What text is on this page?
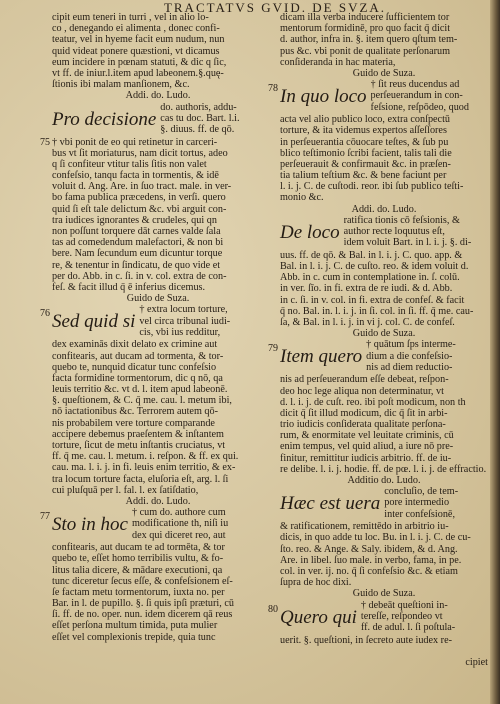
TRACTATVS GVID. DE SVZA.
cipit eum teneri in turri , vel in alio lo-
co , denegando ei alimenta , donec confi-
teatur, vel in hyeme facit eum nudum, nun
quid videat ponere quæstioni, vt dicamus
eum incidere in pœnam statuti, & dic q ſic,
vt ff. de iniur.l.item apud labeonem.§.quę-
ſtionis ibi malam manſionem, &c.
Addi. do. Ludo.
Pro decisione
do. authoris, addu-
cas tu doc. Bart. l.i.
§. diuus. ff. de qō.
75 † vbi ponit de eo qui retinetur in carceri-
bus vt ſit moriaturus, nam dicit tortus, adeo
q ſi confiteur vtitur talis ſitis non valet
confeſsio, tanqu facta in tormentis, & idē
voluit d. Ang. Are. in ſuo tract. male. in ver-
bo fama publica præcedens, in verſi. quero
quid ſi eſt tale delictum &c. vbi arguit con-
tra iudices ignorantes & crudeles, qui qn
non poſſunt torquere dāt carnes valde ſala
tas ad comedendum malefactori, & non bi
bere. Nam ſecundum eum dicuntur torque
re, & tenentur in ſindicatu, de quo vide et
per do. Abb. in c. ſi. in v. col. extra de con-
feſ. & facit illud q̄ ē inferius dicemus.
Guido de Suza.
76 Sed quid si
† extra locum torture,
vel circa tribunal iudi-
cis, vbi ius redditur,
dex examinās dixit delato ex crimine aut
confitearis, aut ducam ad tormenta, & tor-
quebo te, nunquid dicatur tunc confeſsio
facta formidine tormentorum, dic q nō, qa
leuis territio &c. vt d. l. item apud labeonē.
§. queſtionem, & C. q̄ me. cau. l. metum ibi,
nō iactationibus &c. Terrorem autem qō-
nis probabilem vere torture comparande
accipere debemus praeſentem & inſtantem
torture, ſicut de metu inſtantis cruciatus, vt
ff. q̄ me. cau. l. metum. i. reſpon. & ff. ex qui.
cau. ma. l. i. j. in fi. leuis enim territio, & ex-
tra locum torture facta, eluſoria eſt, arg. l. ſi
cui pluſquā per l. fal. l. ex ſatiſdatio,
Addi. do. Ludo.
77 Sto in hoc
† cum do. authore cum
modificatione th, niſi iu
dex qui diceret reo, aut
confitearis, aut ducam te ad tormēta, & tor
quebo te, eſſet homo terribilis vultu, & fo-
litus talia dicere, & mādare executioni, qa
tunc diceretur ſecus eſſe, & confeſsionem eſ-
ſe factam metu tormentorum, iuxta no. per
Bar. in l. de pupillo. §. ſi quis ipſi præturi, cū
ſi. ff. de no. oper. nun. idem dicerem qā reus
eſſet perſona multum timida, puta mulier
eſſet vel complexionis trepide, quia tunc
dicam illa verba inducere ſufficientem tor
mentorum formidinē, pro quo facit q̄ dicit
d. author, infra in. §. item quero qſtum tem-
pus &c. vbi ponit de qualitate perſonarum
conſideranda in hac materia,
Guido de Suza.
78 In quo loco
† ſit reus ducendus ad
perſeuerandum in con-
feſsione, reſpōdeo, quod
acta vel alio publico loco, extra conſpectū
torture, & ita videmus expertos aſſeſſores
in perſeuerantia cōuocare teſtes, & ſub pu
blico teſtimonio ſcribi facient, talis tali die
perſeuerauit & confirmauit &c. in præſen-
tia talium teſtium &c. & bene faciunt per
l. i. j. C. de cuſtodi. reor. ibi ſub publico teſti-
monio &c.
Addi. do. Ludo.
De loco
ratifica tionis cō feſsionis, &
author recte loquutus eſt,
idem voluit Bart. in l. i. j. §. di-
uus. ff. de qō. & Bal. in l. i. j. C. quo. app. &
Bal. in l. i. j. C. de cuſto. reo. & idem voluit d.
Abb. in c. cum in contemplatione in. ſ. colū.
in ver. ſīo. in fi. extra de re iudi. & d. Abb.
in c. ſi. in v. col. in fi. extra de confeſ. & facit
q̄ no. Bal. in. l. i. j. in ſi. col. in ſi. ff. q̄ me. cau-
ſa, & Bal. in l. i. j. in vi j. col. C. de confeſ.
Guido de Suza.
79 Item quero
† quātum ſps interme-
dium a die confeſsio-
nis ad diem reductio-
nis ad perſeuerandum eſſe debeat, reſpon-
deo hoc lege aliqua non determinatur, vt
d. l. i. j. de cuſt. reo. ibi poſt modicum, non th
dicit q̄ ſit illud modicum, dic q̄ ſit in arbi-
trio iudicis conſiderata qualitate perſona-
rum, & enormitate vel leuitate criminis, cū
enim tempus, vel quid aliud, a iure nō pre-
finitur, remittitur iudicis arbitrio. ff. de iu-
re delibe. l. i. j. hodie. ff. de pœ. l. i. j. de effractio.
Additio do. Ludo.
Hæc est uera
concluſio, de tem-
pore intermedio
inter confeſsionē,
& ratificationem, remittēdo in arbitrio iu-
dicis, in quo adde tu loc. Bu. in l. i. j. C. de cu-
ſto. reo. & Ange. & Saly. ibidem, & d. Ang.
Are. in libel. ſuo male. in verbo, fama, in pe.
col. in ver. ij. no. q̄ ſi confeſsio &c. & etiam
ſupra de hoc dixi.
Guido de Suza.
80 Quero qui
† debeāt queſtioni in-
tereſſe, reſpondeo vt
ff. de adul. l. ſi poſtula-
uerit. §. queſtioni, in ſecreto aute iudex re-
cipiet
